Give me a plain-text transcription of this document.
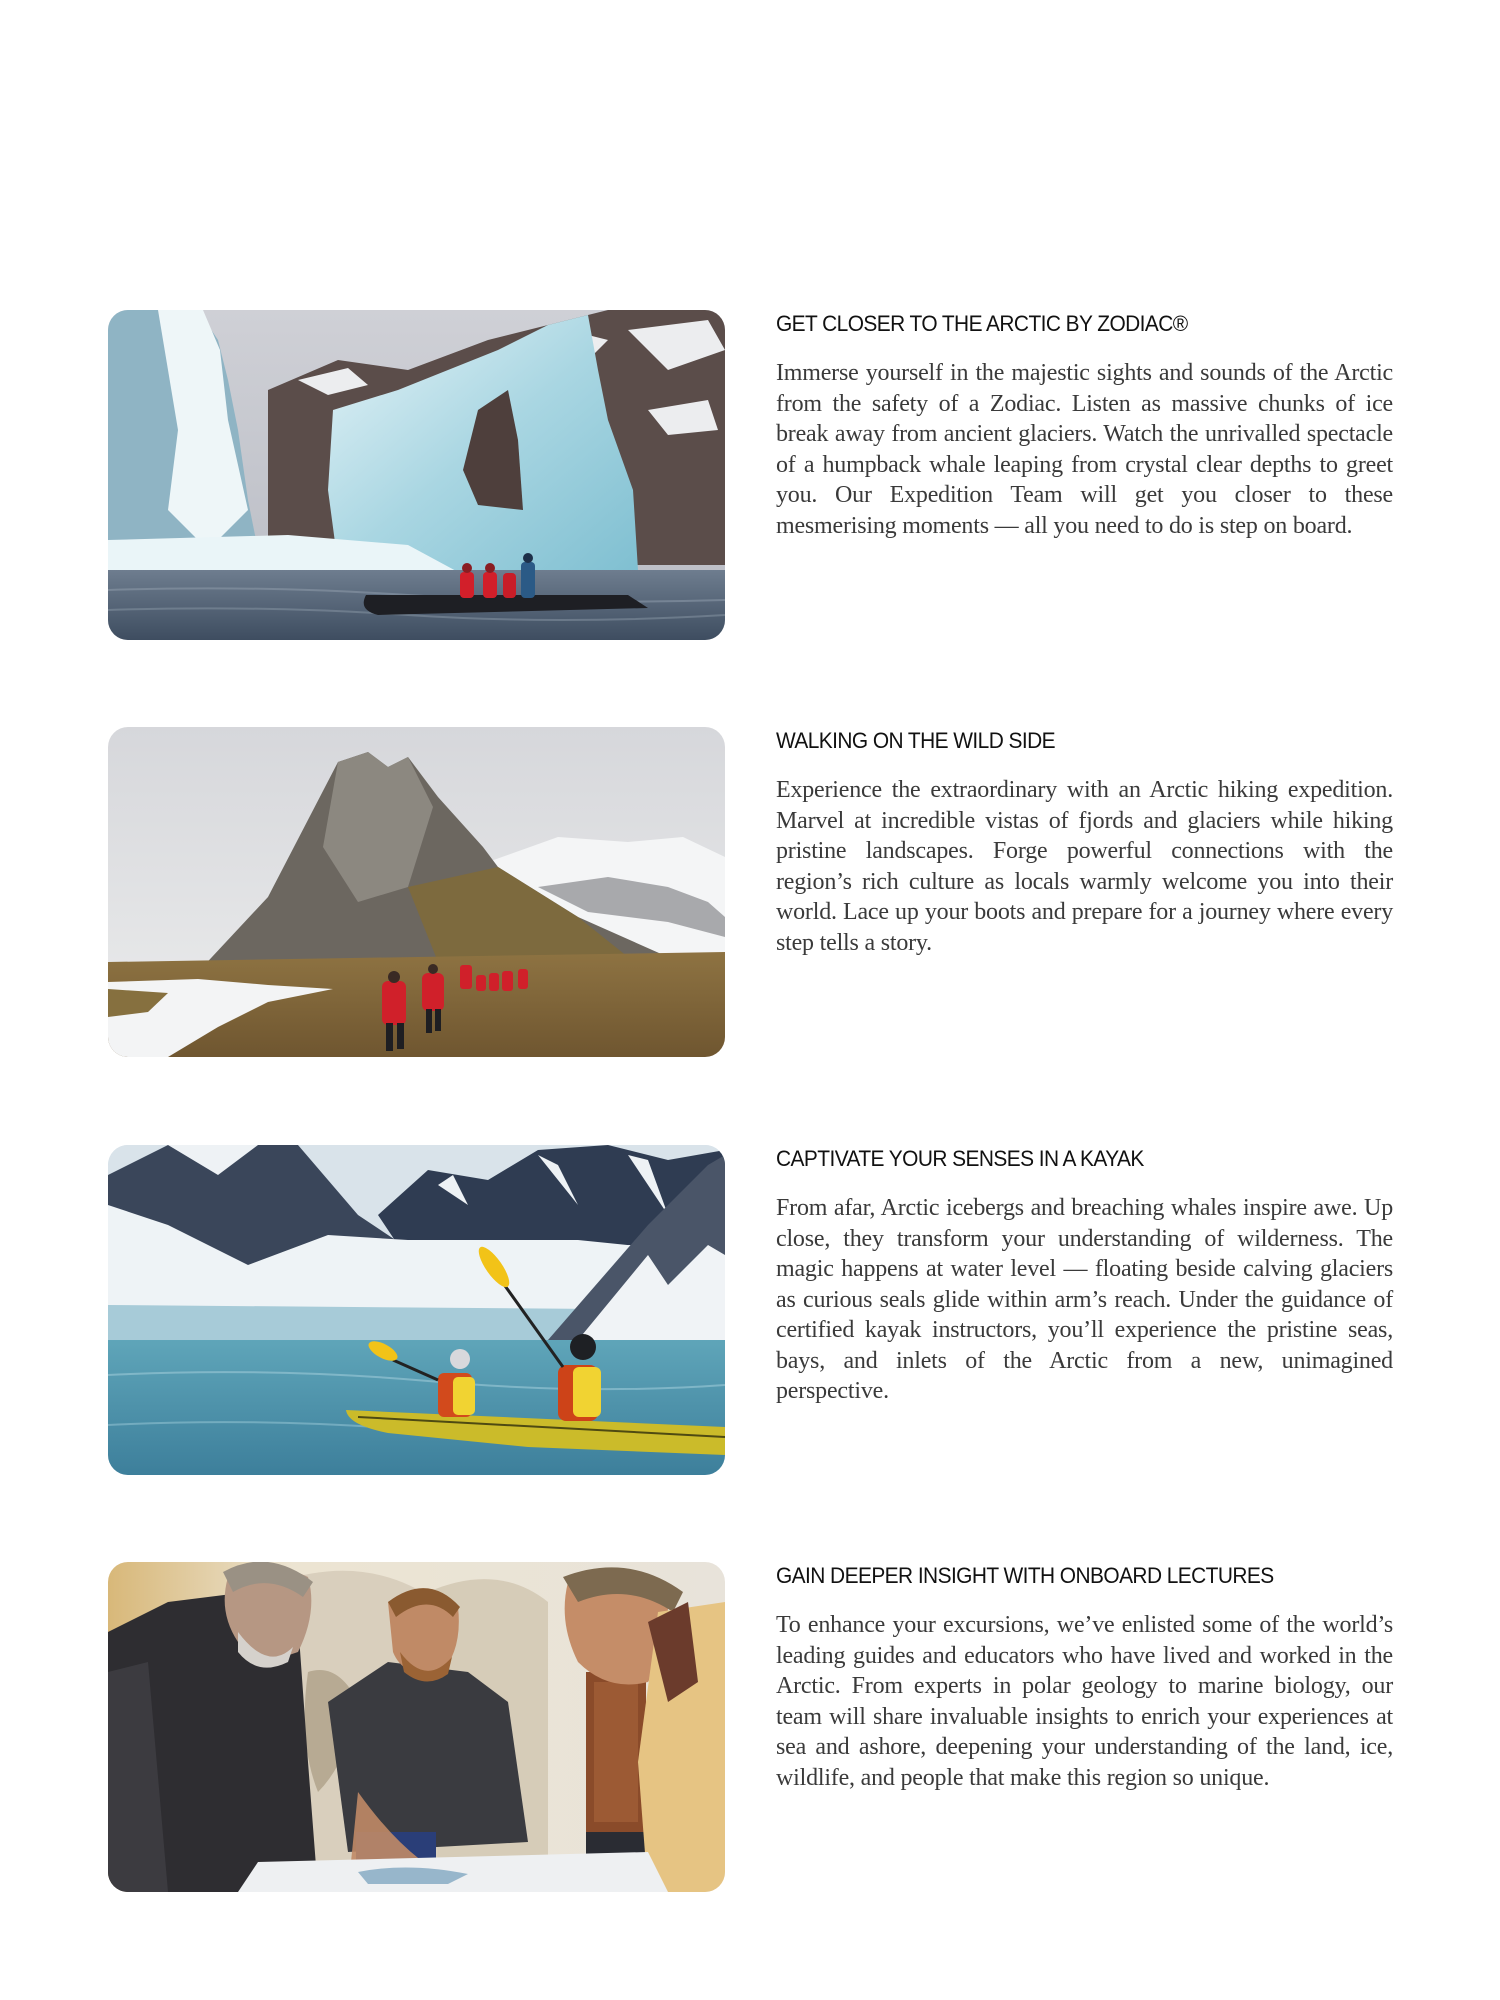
GET CLOSER TO THE ARCTIC BY ZODIAC®

Immerse yourself in the majestic sights and sounds of the Arctic from the safety of a Zodiac. Listen as massive chunks of ice break away from ancient glaciers. Watch the unrivalled spectacle of a humpback whale leaping from crystal clear depths to greet you. Our Expedition Team will get you closer to these mesmerising moments — all you need to do is step on board.

WALKING ON THE WILD SIDE

Experience the extraordinary with an Arctic hiking expedition. Marvel at incredible vistas of fjords and glaciers while hiking pristine landscapes. Forge powerful connections with the region’s rich culture as locals warmly welcome you into their world. Lace up your boots and prepare for a journey where every step tells a story.

CAPTIVATE YOUR SENSES IN A KAYAK

From afar, Arctic icebergs and breaching whales inspire awe. Up close, they transform your understanding of wilderness. The magic happens at water level — floating beside calving glaciers as curious seals glide within arm’s reach. Under the guidance of certified kayak instructors, you’ll experience the pristine seas, bays, and inlets of the Arctic from a new, unimagined perspective.

GAIN DEEPER INSIGHT WITH ONBOARD LECTURES

To enhance your excursions, we’ve enlisted some of the world’s leading guides and educators who have lived and worked in the Arctic. From experts in polar geology to marine biology, our team will share invaluable insights to enrich your experiences at sea and ashore, deepening your understanding of the land, ice, wildlife, and people that make this region so unique.
